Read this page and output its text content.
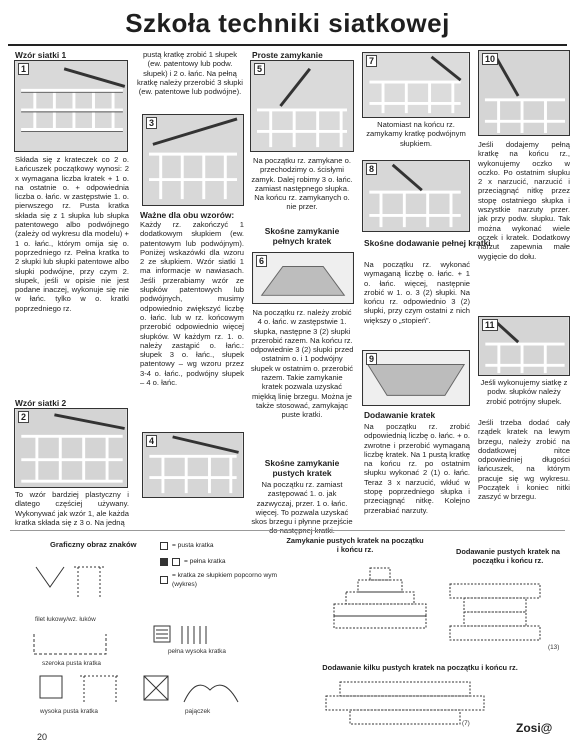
Szkoła techniki siatkowej
Wzór siatki 1
1
Składa się z krateczek co 2 o. Łańcuszek początkowy wynosi: 2 x wymagana liczba kratek + 1 o. na ostatnie o. + odpowiednia liczba o. łańc. w zastępstwie 1. o. pierwszego rz. Pusta kratka składa się z 1 słupka lub słupka patentowego albo podwójnego (zależy od wykresu dla modelu) + 1 o. łańc., którym omija się o. poprzedniego rz. Pełna kratka to 2 słupki lub słupki patentowe albo słupki podwójne, przy czym 2. słupek, jeśli w opisie nie jest podane inaczej, wykonuje się nie w łańc. tylko w o. kratki poprzedniego rz.
Wzór siatki 2
2
To wzór bardziej plastyczny i dlatego częściej używany. Wykonywać jak wzór 1, ale każda kratka składa się z 3 o. Na jedną
pustą kratkę zrobić 1 słupek (ew. patentowy lub podw. słupek) i 2 o. łańc. Na pełną kratkę należy przerobić 3 słupki (ew. patentowe lub podwójne).
3
Ważne dla obu wzorów:
Każdy rz. zakończyć 1 dodatkowym słupkiem (ew. patentowym lub podwójnym). Poniżej wskazówki dla wzoru 2 ze słupkiem. Wzór siatki 1 ma informacje w nawiasach. Jeśli przerabiamy wzór ze słupków patentowych lub podwójnych, musimy odpowiednio zwiększyć liczbę o. łańc. lub w rz. końcowym przerobić odpowiednio więcej słupków. W każdym rz. 1. o. należy zastąpić o. łańc.: słupek 3 o. łańc., słupek patentowy – wg wzoru przez 3-4 o. łańc., podwójny słupek – 4 o. łańc.
4
Proste zamykanie
5
Na początku rz. zamykane o. przechodzimy o. ścisłymi zamyk. Dalej robimy 3 o. łańc. zamiast następnego słupka. Na końcu rz. zamykanych o. nie przer.
Skośne zamykanie pełnych kratek
6
Na początku rz. należy zrobić 4 o. łańc. w zastępstwie 1. słupka, następne 3 (2) słupki przerobić razem. Na końcu rz. odpowiednie 3 (2) słupki przed ostatnim o. i 1 podwójny słupek w ostatnim o. przerobić razem. Takie zamykanie kratek pozwala uzyskać miękką linię brzegu. Można je także stosować, zamykając puste kratki.
Skośne zamykanie pustych kratek
Na początku rz. zamiast zastępować 1. o. jak zazwyczaj, przer. 1 o. łańc. więcej. To pozwala uzyskać skos brzegu i płynne przejście
7
Natomiast na końcu rz. zamykamy kratkę podwójnym słupkiem.
8
Skośne dodawanie pełnej kratki
Na początku rz. wykonać wymaganą liczbę o. łańc. + 1 o. łańc. więcej, następnie zrobić w 1. o. 3 (2) słupki. Na końcu rz. odpowiednio 3 (2) słupki, przy czym ostatni z nich większy o „stopień”.
9
Dodawanie kratek
Na początku rz. zrobić odpowiednią liczbę o. łańc. + o. zwrotne i przerobić wymaganą liczbę kratek. Na 1 pustą kratkę na końcu rz. po ostatnim słupku wykonać 2 (1) o. łańc. Teraz 3 x narzucić, wkłuć w stopę poprzedniego słupka i przeciągnąć nitkę. Kolejno przerabiać narzuty.
10
Jeśli dodajemy pełną kratkę na końcu rz., wykonujemy oczko w oczko. Po ostatnim słupku 2 x narzucić, narzucić i przeciągnąć nitkę przez stopę ostatniego słupka i wszystkie narzuty przer. jak przy podw. słupku. Tak można wykonać wiele oczek i kratek. Dodatkowy narzut zapewnia małe wygięcie do dołu.
11
Jeśli wykonujemy siatkę z podw. słupków należy zrobić potrójny słupek.
Jeśli trzeba dodać cały rządek kratek na lewym brzegu, należy zrobić na dodatkowej nitce odpowiedniej długości łańcuszek, na którym pracuje się wg wykresu. Początek i koniec nitki zaszyć w brzegu.
Graficzny obraz znaków	= pusta kratka
= pełna kratka
= kratka ze słupkiem popcorno wym (wykres)
filet łukowy/wz. łuków
szeroka pusta kratka
pełna wysoka kratka
wysoka pusta kratka	pajączek
Zamykanie pustych kratek na początku i końcu rz.	Dodawanie pustych kratek na początku i końcu rz.
(13)
Dodawanie kilku pustych kratek na początku i końcu rz.
(7)
20
Zosi@
